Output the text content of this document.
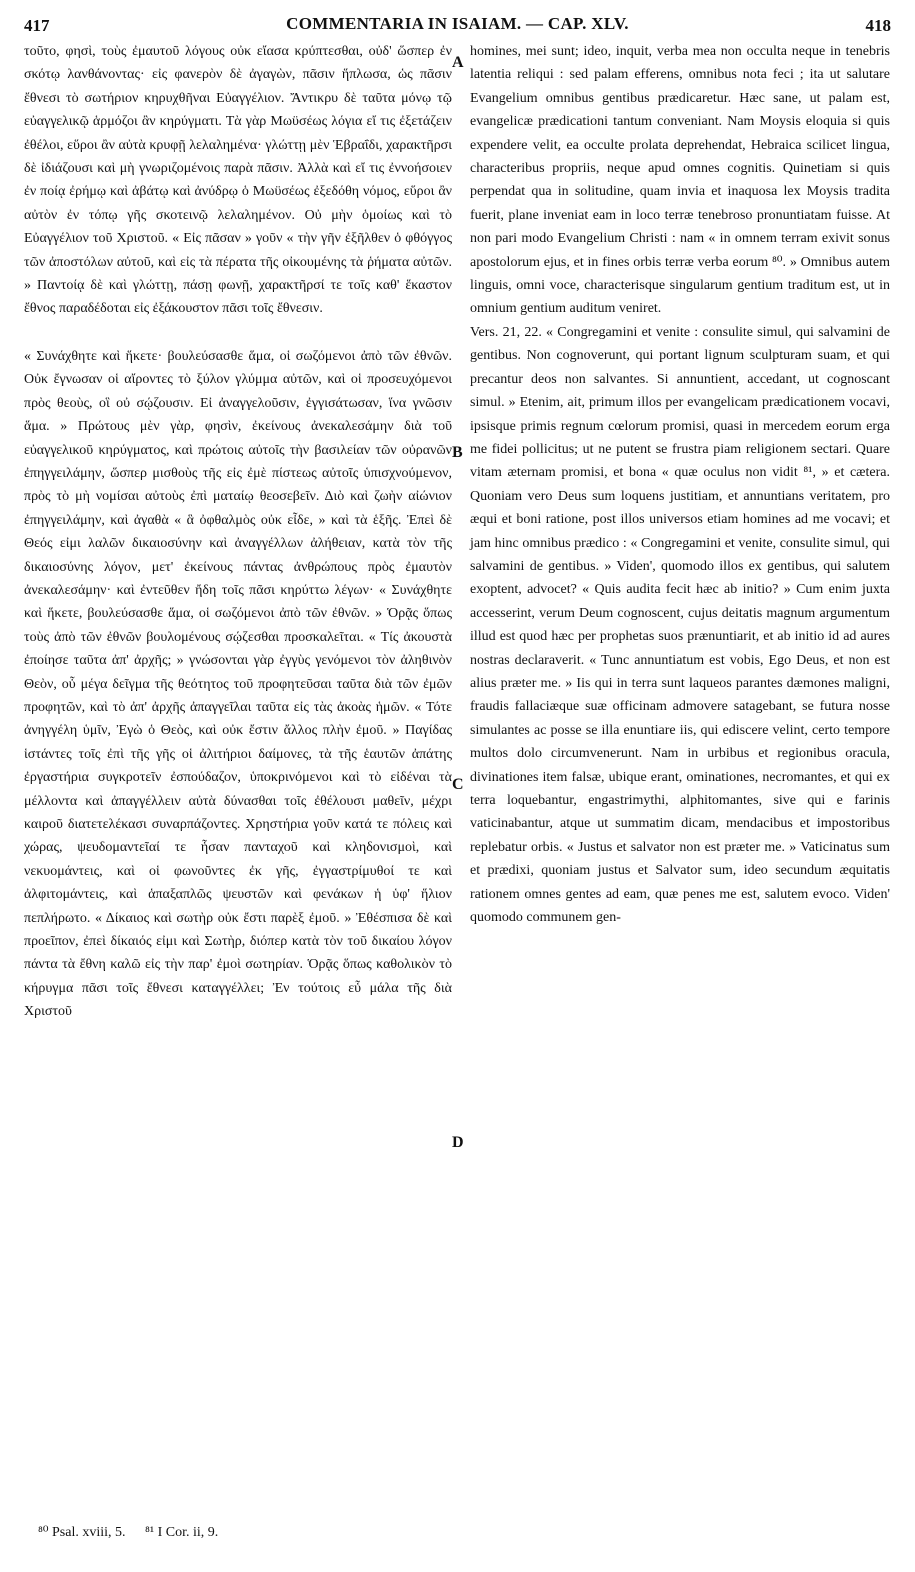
417	COMMENTARIA IN ISAIAM. — CAP. XLV.	418

τοῦτο, φησὶ, τοὺς ἐμαυτοῦ λόγους οὐκ εἴασα κρύπτεσθαι, οὐδ' ὥσπερ ἐν σκότῳ λανθάνοντας· εἰς φανερὸν δὲ ἀγαγὼν, πᾶσιν ἥπλωσα, ὡς πᾶσιν ἔθνεσι τὸ σωτήριον κηρυχθῆναι Εὐαγγέλιον. Ἄντικρυ δὲ ταῦτα μόνῳ τῷ εὐαγγελικῷ ἁρμόζοι ἂν κηρύγματι. Τὰ γὰρ Μωϋσέως λόγια εἴ τις ἐξετάζειν ἐθέλοι, εὕροι ἂν αὐτὰ κρυφῇ λελαλημένα· γλώττῃ μὲν Ἑβραΐδι, χαρακτῆρσι δὲ ἰδιάζουσι καὶ μὴ γνωριζομένοις παρὰ πᾶσιν. Ἀλλὰ καὶ εἴ τις ἐννοήσοιεν ἐν ποίᾳ ἐρήμῳ καὶ ἀβάτῳ καὶ ἀνύδρῳ ὁ Μωϋσέως ἐξεδόθη νόμος, εὕροι ἂν αὐτὸν ἐν τόπῳ γῆς σκοτεινῷ λελαλημένον. Οὐ μὴν ὁμοίως καὶ τὸ Εὐαγγέλιον τοῦ Χριστοῦ. « Εἰς πᾶσαν » γοῦν « τὴν γῆν ἐξῆλθεν ὁ φθόγγος τῶν ἀποστόλων αὐτοῦ, καὶ εἰς τὰ πέρατα τῆς οἰκουμένης τὰ ῥήματα αὐτῶν. » Παντοίᾳ δὲ καὶ γλώττῃ, πάσῃ φωνῇ, χαρακτῆρσί τε τοῖς καθ' ἕκαστον ἔθνος παραδέδοται εἰς ἐξάκουστον πᾶσι τοῖς ἔθνεσιν.

« Συνάχθητε καὶ ἥκετε· βουλεύσασθε ἅμα, οἱ σωζόμενοι ἀπὸ τῶν ἐθνῶν. Οὐκ ἔγνωσαν οἱ αἴροντες τὸ ξύλον γλύμμα αὐτῶν, καὶ οἱ προσευχόμενοι πρὸς θεοὺς, οἳ οὐ σῴζουσιν. Εἰ ἀναγγελοῦσιν, ἐγγισάτωσαν, ἵνα γνῶσιν ἅμα. » Πρώτους μὲν γὰρ, φησὶν, ἐκείνους ἀνεκαλεσάμην διὰ τοῦ εὐαγγελικοῦ κηρύγματος, καὶ πρώτοις αὐτοῖς τὴν βασιλείαν τῶν οὐρανῶν ἐπηγγειλάμην, ὥσπερ μισθοὺς τῆς εἰς ἐμὲ πίστεως αὐτοῖς ὑπισχνούμενον, πρὸς τὸ μὴ νομίσαι αὐτοὺς ἐπὶ ματαίῳ θεοσεβεῖν. Διὸ καὶ ζωὴν αἰώνιον ἐπηγγειλάμην, καὶ ἀγαθὰ « ἃ ὀφθαλμὸς οὐκ εἶδε, » καὶ τὰ ἑξῆς. Ἐπεὶ δὲ Θεός εἰμι λαλῶν δικαιοσύνην καὶ ἀναγγέλλων ἀλήθειαν, κατὰ τὸν τῆς δικαιοσύνης λόγον, μετ' ἐκείνους πάντας ἀνθρώπους πρὸς ἐμαυτὸν ἀνεκαλεσάμην· καὶ ἐντεῦθεν ἤδη τοῖς πᾶσι κηρύττω λέγων· « Συνάχθητε καὶ ἥκετε, βουλεύσασθε ἅμα, οἱ σωζόμενοι ἀπὸ τῶν ἐθνῶν. » Ὁρᾷς ὅπως τοὺς ἀπὸ τῶν ἐθνῶν βουλομένους σῴζεσθαι προσκαλεῖται. « Τίς ἀκουστὰ ἐποίησε ταῦτα ἀπ' ἀρχῆς; » γνώσονται γὰρ ἐγγὺς γενόμενοι τὸν ἀληθινὸν Θεὸν, οὗ μέγα δεῖγμα τῆς θεότητος τοῦ προφητεῦσαι ταῦτα διὰ τῶν ἐμῶν προφητῶν, καὶ τὸ ἀπ' ἀρχῆς ἀπαγγεῖλαι ταῦτα εἰς τὰς ἀκοὰς ἡμῶν. « Τότε ἀνηγγέλη ὑμῖν, Ἐγὼ ὁ Θεὸς, καὶ οὐκ ἔστιν ἄλλος πλὴν ἐμοῦ. » Παγίδας ἱστάντες τοῖς ἐπὶ τῆς γῆς οἱ ἀλιτήριοι δαίμονες, τὰ τῆς ἑαυτῶν ἀπάτης ἐργαστήρια συγκροτεῖν ἐσπούδαζον, ὑποκρινόμενοι καὶ τὸ εἰδέναι τὰ μέλλοντα καὶ ἀπαγγέλλειν αὐτὰ δύνασθαι τοῖς ἐθέλουσι μαθεῖν, μέχρι καιροῦ διατετελέκασι συναρπάζοντες. Χρηστήρια γοῦν κατά τε πόλεις καὶ χώρας, ψευδομαντεῖαί τε ἦσαν πανταχοῦ καὶ κληδονισμοὶ, καὶ νεκυομάντεις, καὶ οἱ φωνοῦντες ἐκ γῆς, ἐγγαστρίμυθοί τε καὶ ἀλφιτομάντεις, καὶ ἁπαξαπλῶς ψευστῶν καὶ φενάκων ἡ ὑφ' ἥλιον πεπλήρωτο. « Δίκαιος καὶ σωτὴρ οὐκ ἔστι παρὲξ ἐμοῦ. » Ἐθέσπισα δὲ καὶ προεῖπον, ἐπεὶ δίκαιός εἰμι καὶ Σωτὴρ, διόπερ κατὰ τὸν τοῦ δικαίου λόγον πάντα τὰ ἔθνη καλῶ εἰς τὴν παρ' ἐμοὶ σωτηρίαν. Ὁρᾷς ὅπως καθολικὸν τὸ κήρυγμα πᾶσι τοῖς ἔθνεσι καταγγέλλει; Ἐν τούτοις εὖ μάλα τῆς διὰ Χριστοῦ

homines, mei sunt; ideo, inquit, verba mea non occulta neque in tenebris latentia reliqui : sed palam efferens, omnibus nota feci ; ita ut salutare Evangelium omnibus gentibus prædicaretur. Hæc sane, ut palam est, evangelicæ prædicationi tantum conveniant. Nam Moysis eloquia si quis expendere velit, ea occulte prolata deprehendat, Hebraica scilicet lingua, characteribus propriis, neque apud omnes cognitis. Quinetiam si quis perpendat qua in solitudine, quam invia et inaquosa lex Moysis tradita fuerit, plane inveniat eam in loco terræ tenebroso pronuntiatam fuisse. At non pari modo Evangelium Christi : nam « in omnem terram exivit sonus apostolorum ejus, et in fines orbis terræ verba eorum ⁸⁰. » Omnibus autem linguis, omni voce, characterisque singularum gentium traditum est, ut in omnium gentium auditum veniret.

Vers. 21, 22. « Congregamini et venite : consulite simul, qui salvamini de gentibus. Non cognoverunt, qui portant lignum sculpturam suam, et qui precantur deos non salvantes. Si annuntient, accedant, ut cognoscant simul. » Etenim, ait, primum illos per evangelicam prædicationem vocavi, ipsisque primis regnum cœlorum promisi, quasi in mercedem eorum erga me fidei pollicitus; ut ne putent se frustra piam religionem sectari. Quare vitam æternam promisi, et bona « quæ oculus non vidit ⁸¹, » et cætera. Quoniam vero Deus sum loquens justitiam, et annuntians veritatem, pro æqui et boni ratione, post illos universos etiam homines ad me vocavi; et jam hinc omnibus prædico : « Congregamini et venite, consulite simul, qui salvamini de gentibus. » Viden', quomodo illos ex gentibus, qui salutem exoptent, advocet? « Quis audita fecit hæc ab initio? » Cum enim juxta accesserint, verum Deum cognoscent, cujus deitatis magnum argumentum illud est quod hæc per prophetas suos prænuntiarit, et ab initio id ad aures nostras declaraverit. « Tunc annuntiatum est vobis, Ego Deus, et non est alius præter me. » Iis qui in terra sunt laqueos parantes dæmones maligni, fraudis fallaciæque suæ officinam admovere satagebant, se futura nosse simulantes ac posse se illa enuntiare iis, qui ediscere velint, certo tempore multos dolo circumvenerunt. Nam in urbibus et regionibus oracula, divinationes item falsæ, ubique erant, ominationes, necromantes, et qui ex terra loquebantur, engastrimythi, alphitomantes, sive qui e farinis vaticinabantur, atque ut summatim dicam, mendacibus et impostoribus replebatur orbis. « Justus et salvator non est præter me. » Vaticinatus sum et prædixi, quoniam justus et Salvator sum, ideo secundum æquitatis rationem omnes gentes ad eam, quæ penes me est, salutem evoco. Viden' quomodo communem gen-

A
B
C
D
⁸⁰ Psal. xviii, 5. ⁸¹ I Cor. ii, 9.
